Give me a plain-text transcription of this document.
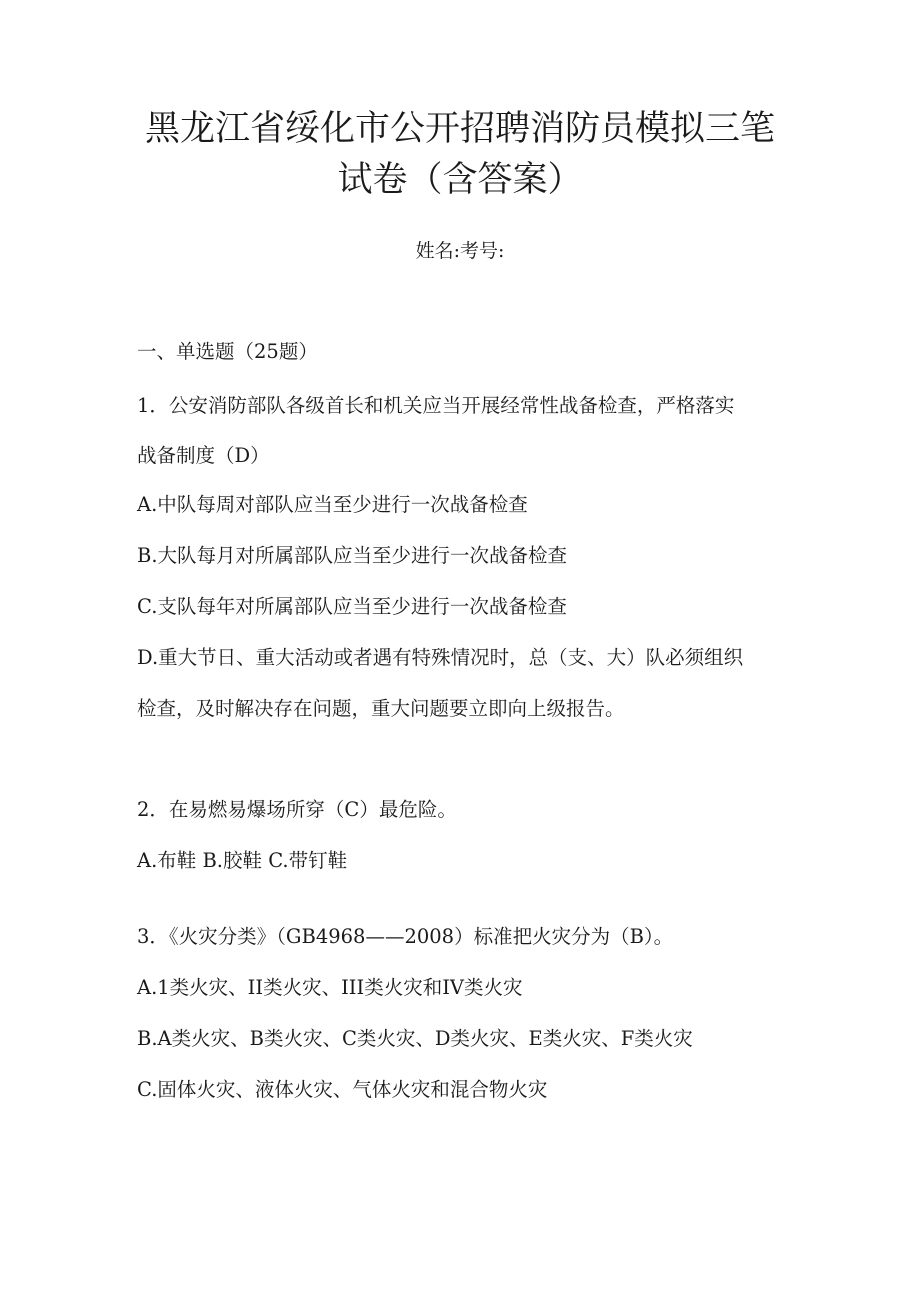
黑龙江省绥化市公开招聘消防员模拟三笔
试卷（含答案）
姓名:考号:
一、单选题（25题）
1．公安消防部队各级首长和机关应当开展经常性战备检查，严格落实
战备制度（D）
A.中队每周对部队应当至少进行一次战备检查
B.大队每月对所属部队应当至少进行一次战备检查
C.支队每年对所属部队应当至少进行一次战备检查
D.重大节日、重大活动或者遇有特殊情况时，总（支、大）队必须组织
检查，及时解决存在问题，重大问题要立即向上级报告。
2．在易燃易爆场所穿（C）最危险。
A.布鞋 B.胶鞋 C.带钉鞋
3．《火灾分类》（GB4968——2008）标准把火灾分为（B）。
A.1类火灾、II类火灾、III类火灾和IV类火灾
B.A类火灾、B类火灾、C类火灾、D类火灾、E类火灾、F类火灾
C.固体火灾、液体火灾、气体火灾和混合物火灾
